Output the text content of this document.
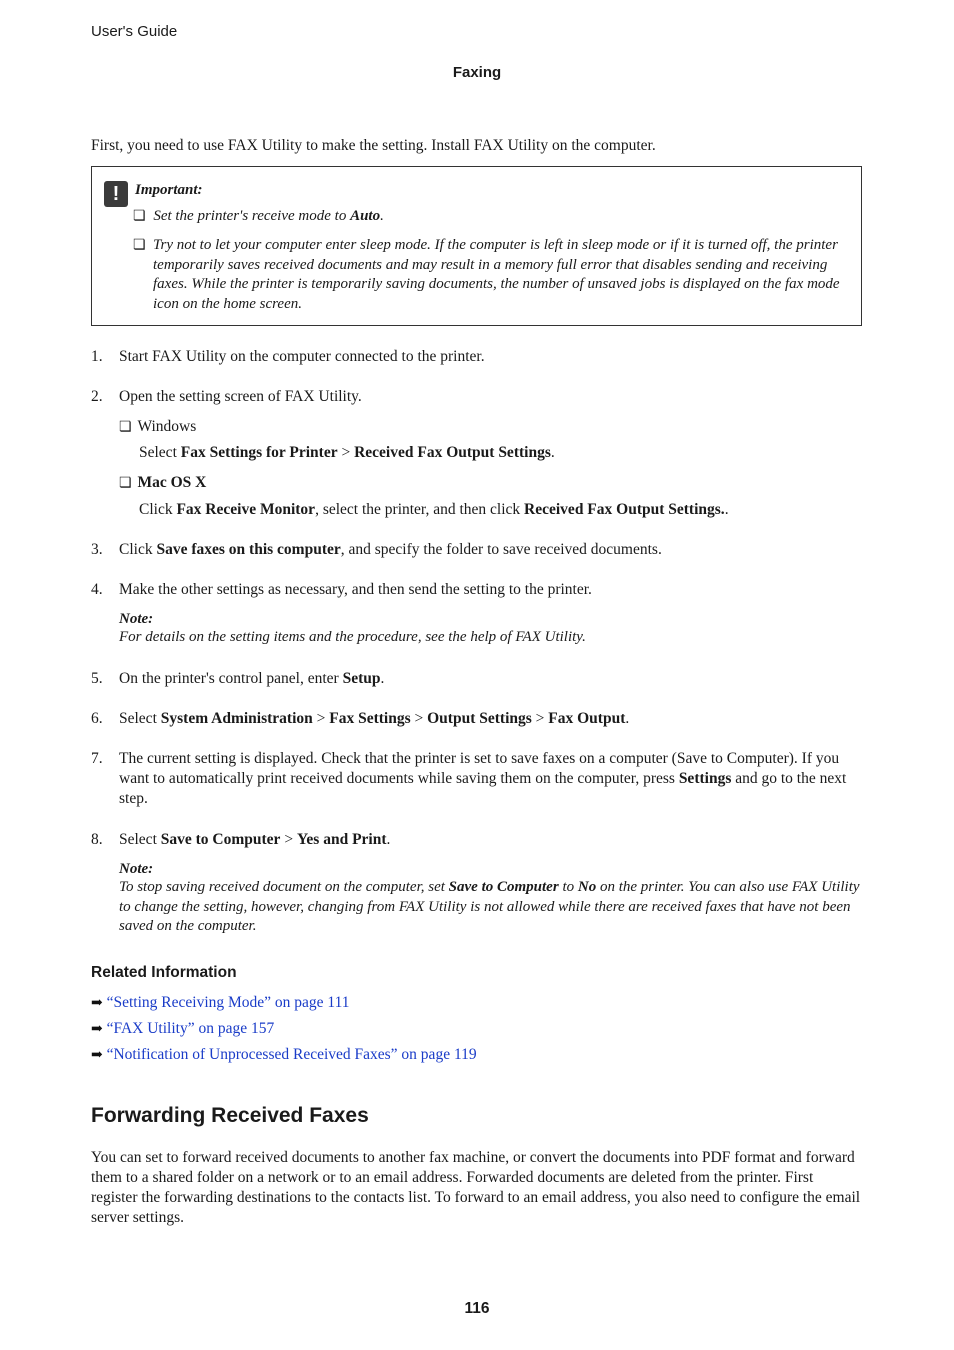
User's Guide
Faxing
First, you need to use FAX Utility to make the setting. Install FAX Utility on the computer.
!	Important:
❏ Set the printer's receive mode to Auto.
❏ Try not to let your computer enter sleep mode. If the computer is left in sleep mode or if it is turned off, the printer temporarily saves received documents and may result in a memory full error that disables sending and receiving faxes. While the printer is temporarily saving documents, the number of unsaved jobs is displayed on the fax mode icon on the home screen.
1.	Start FAX Utility on the computer connected to the printer.
2.	Open the setting screen of FAX Utility.
❏ Windows
Select Fax Settings for Printer > Received Fax Output Settings.
❏ Mac OS X
Click Fax Receive Monitor, select the printer, and then click Received Fax Output Settings..
3.	Click Save faxes on this computer, and specify the folder to save received documents.
4.	Make the other settings as necessary, and then send the setting to the printer.
Note:
For details on the setting items and the procedure, see the help of FAX Utility.
5.	On the printer's control panel, enter Setup.
6.	Select System Administration > Fax Settings > Output Settings > Fax Output.
7.	The current setting is displayed. Check that the printer is set to save faxes on a computer (Save to Computer). If you want to automatically print received documents while saving them on the computer, press Settings and go to the next step.
8.	Select Save to Computer > Yes and Print.
Note:
To stop saving received document on the computer, set Save to Computer to No on the printer. You can also use FAX Utility to change the setting, however, changing from FAX Utility is not allowed while there are received faxes that have not been saved on the computer.
Related Information
➡ “Setting Receiving Mode” on page 111
➡ “FAX Utility” on page 157
➡ “Notification of Unprocessed Received Faxes” on page 119
Forwarding Received Faxes
You can set to forward received documents to another fax machine, or convert the documents into PDF format and forward them to a shared folder on a network or to an email address. Forwarded documents are deleted from the printer. First register the forwarding destinations to the contacts list. To forward to an email address, you also need to configure the email server settings.
116
